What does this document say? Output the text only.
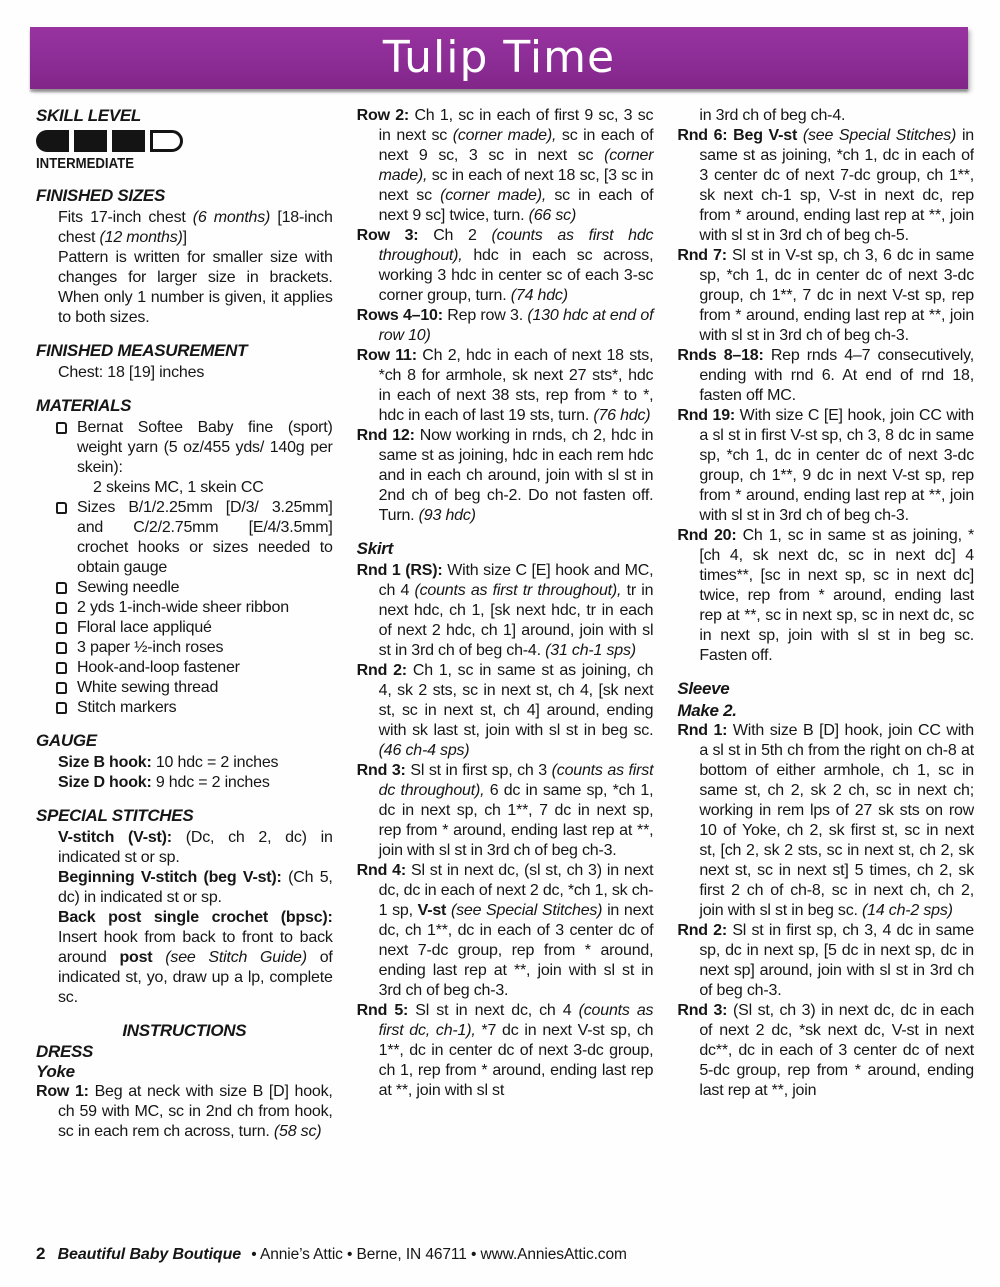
Tulip Time
SKILL LEVEL
INTERMEDIATE
FINISHED SIZES
Fits 17-inch chest (6 months) [18-inch chest (12 months)]
Pattern is written for smaller size with changes for larger size in brackets. When only 1 number is given, it applies to both sizes.
FINISHED MEASUREMENT
Chest: 18 [19] inches
MATERIALS
Bernat Softee Baby fine (sport) weight yarn (5 oz/455 yds/ 140g per skein):
2 skeins MC, 1 skein CC
Sizes B/1/2.25mm [D/3/ 3.25mm] and C/2/2.75mm [E/4/3.5mm] crochet hooks or sizes needed to obtain gauge
Sewing needle
2 yds 1-inch-wide sheer ribbon
Floral lace appliqué
3 paper ½-inch roses
Hook-and-loop fastener
White sewing thread
Stitch markers
GAUGE
Size B hook: 10 hdc = 2 inches
Size D hook: 9 hdc = 2 inches
SPECIAL STITCHES
V-stitch (V-st): (Dc, ch 2, dc) in indicated st or sp.
Beginning V-stitch (beg V-st): (Ch 5, dc) in indicated st or sp.
Back post single crochet (bpsc): Insert hook from back to front to back around post (see Stitch Guide) of indicated st, yo, draw up a lp, complete sc.
INSTRUCTIONS
DRESS
Yoke
Row 1: Beg at neck with size B [D] hook, ch 59 with MC, sc in 2nd ch from hook, sc in each rem ch across, turn. (58 sc)
Row 2: Ch 1, sc in each of first 9 sc, 3 sc in next sc (corner made), sc in each of next 9 sc, 3 sc in next sc (corner made), sc in each of next 18 sc, [3 sc in next sc (corner made), sc in each of next 9 sc] twice, turn. (66 sc)
Row 3: Ch 2 (counts as first hdc throughout), hdc in each sc across, working 3 hdc in center sc of each 3-sc corner group, turn. (74 hdc)
Rows 4–10: Rep row 3. (130 hdc at end of row 10)
Row 11: Ch 2, hdc in each of next 18 sts, *ch 8 for armhole, sk next 27 sts*, hdc in each of next 38 sts, rep from * to *, hdc in each of last 19 sts, turn. (76 hdc)
Rnd 12: Now working in rnds, ch 2, hdc in same st as joining, hdc in each rem hdc and in each ch around, join with sl st in 2nd ch of beg ch-2. Do not fasten off. Turn. (93 hdc)
Skirt
Rnd 1 (RS): With size C [E] hook and MC, ch 4 (counts as first tr throughout), tr in next hdc, ch 1, [sk next hdc, tr in each of next 2 hdc, ch 1] around, join with sl st in 3rd ch of beg ch-4. (31 ch-1 sps)
Rnd 2: Ch 1, sc in same st as joining, ch 4, sk 2 sts, sc in next st, ch 4, [sk next st, sc in next st, ch 4] around, ending with sk last st, join with sl st in beg sc. (46 ch-4 sps)
Rnd 3: Sl st in first sp, ch 3 (counts as first dc throughout), 6 dc in same sp, *ch 1, dc in next sp, ch 1**, 7 dc in next sp, rep from * around, ending last rep at **, join with sl st in 3rd ch of beg ch-3.
Rnd 4: Sl st in next dc, (sl st, ch 3) in next dc, dc in each of next 2 dc, *ch 1, sk ch-1 sp, V-st (see Special Stitches) in next dc, ch 1**, dc in each of 3 center dc of next 7-dc group, rep from * around, ending last rep at **, join with sl st in 3rd ch of beg ch-3.
Rnd 5: Sl st in next dc, ch 4 (counts as first dc, ch-1), *7 dc in next V-st sp, ch 1**, dc in center dc of next 3-dc group, ch 1, rep from * around, ending last rep at **, join with sl st
in 3rd ch of beg ch-4.
Rnd 6: Beg V-st (see Special Stitches) in same st as joining, *ch 1, dc in each of 3 center dc of next 7-dc group, ch 1**, sk next ch-1 sp, V-st in next dc, rep from * around, ending last rep at **, join with sl st in 3rd ch of beg ch-5.
Rnd 7: Sl st in V-st sp, ch 3, 6 dc in same sp, *ch 1, dc in center dc of next 3-dc group, ch 1**, 7 dc in next V-st sp, rep from * around, ending last rep at **, join with sl st in 3rd ch of beg ch-3.
Rnds 8–18: Rep rnds 4–7 consecutively, ending with rnd 6. At end of rnd 18, fasten off MC.
Rnd 19: With size C [E] hook, join CC with a sl st in first V-st sp, ch 3, 8 dc in same sp, *ch 1, dc in center dc of next 3-dc group, ch 1**, 9 dc in next V-st sp, rep from * around, ending last rep at **, join with sl st in 3rd ch of beg ch-3.
Rnd 20: Ch 1, sc in same st as joining, *[ch 4, sk next dc, sc in next dc] 4 times**, [sc in next sp, sc in next dc] twice, rep from * around, ending last rep at **, sc in next sp, sc in next dc, sc in next sp, join with sl st in beg sc. Fasten off.
Sleeve
Make 2.
Rnd 1: With size B [D] hook, join CC with a sl st in 5th ch from the right on ch-8 at bottom of either armhole, ch 1, sc in same st, ch 2, sk 2 ch, sc in next ch; working in rem lps of 27 sk sts on row 10 of Yoke, ch 2, sk first st, sc in next st, [ch 2, sk 2 sts, sc in next st, ch 2, sk next st, sc in next st] 5 times, ch 2, sk first 2 ch of ch-8, sc in next ch, ch 2, join with sl st in beg sc. (14 ch-2 sps)
Rnd 2: Sl st in first sp, ch 3, 4 dc in same sp, dc in next sp, [5 dc in next sp, dc in next sp] around, join with sl st in 3rd ch of beg ch-3.
Rnd 3: (Sl st, ch 3) in next dc, dc in each of next 2 dc, *sk next dc, V-st in next dc**, dc in each of 3 center dc of next 5-dc group, rep from * around, ending last rep at **, join
2 Beautiful Baby Boutique • Annie’s Attic • Berne, IN 46711 • www.AnniesAttic.com
